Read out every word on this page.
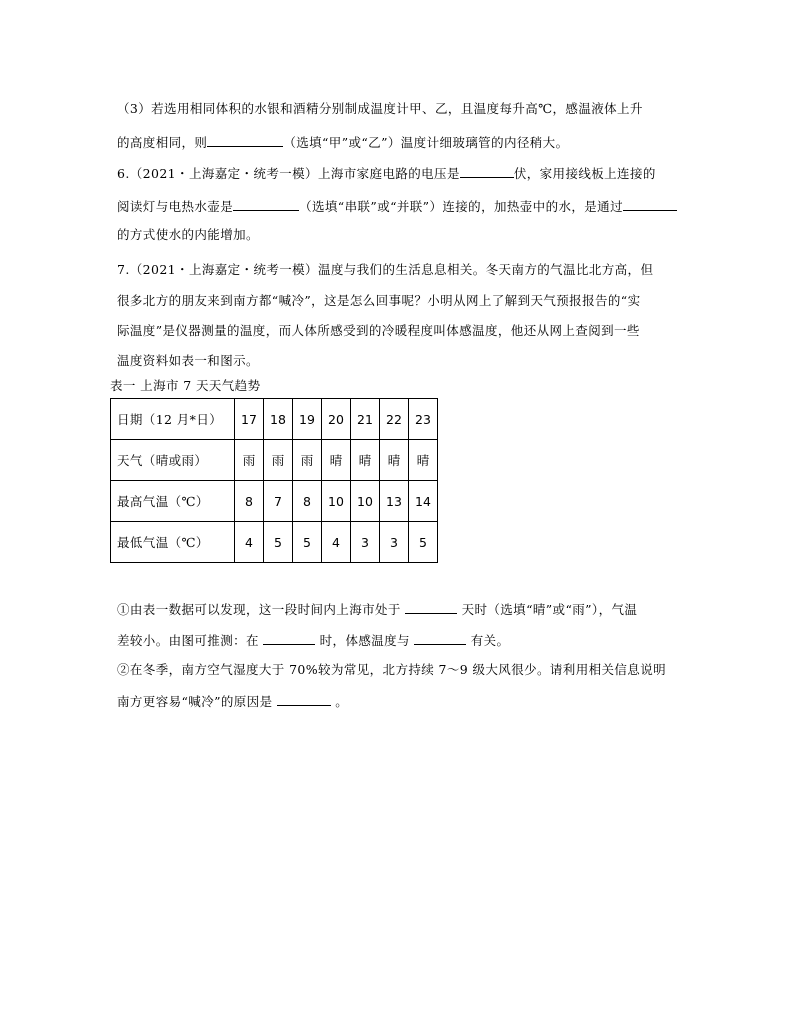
（3）若选用相同体积的水银和酒精分别制成温度计甲、乙，且温度每升高℃，感温液体上升
的高度相同，则	（选填“甲”或“乙”）温度计细玻璃管的内径稍大。
6.（2021・上海嘉定・统考一模）上海市家庭电路的电压是	伏，家用接线板上连接的
阅读灯与电热水壶是	（选填“串联”或“并联”）连接的，加热壶中的水，是通过
的方式使水的内能增加。
7.（2021・上海嘉定・统考一模）温度与我们的生活息息相关。冬天南方的气温比北方高，但
很多北方的朋友来到南方都“喊冷”，这是怎么回事呢？小明从网上了解到天气预报报告的“实
际温度”是仪器测量的温度，而人体所感受到的冷暖程度叫体感温度，他还从网上查阅到一些
温度资料如表一和图示。
表一 上海市 7 天天气趋势
日期（12 月*日）	17	18	19	20	21	22	23
天气（晴或雨）	雨	雨	雨	晴	晴	晴	晴
最高气温（℃）	8	7	8	10	10	13	14
最低气温（℃）	4	5	5	4	3	3	5
①由表一数据可以发现，这一段时间内上海市处于	天时（选填“晴”或“雨”），气温
差较小。由图可推测：在	时，体感温度与	有关。
②在冬季，南方空气湿度大于 70%较为常见，北方持续 7～9 级大风很少。请利用相关信息说明
南方更容易“喊冷”的原因是	。
